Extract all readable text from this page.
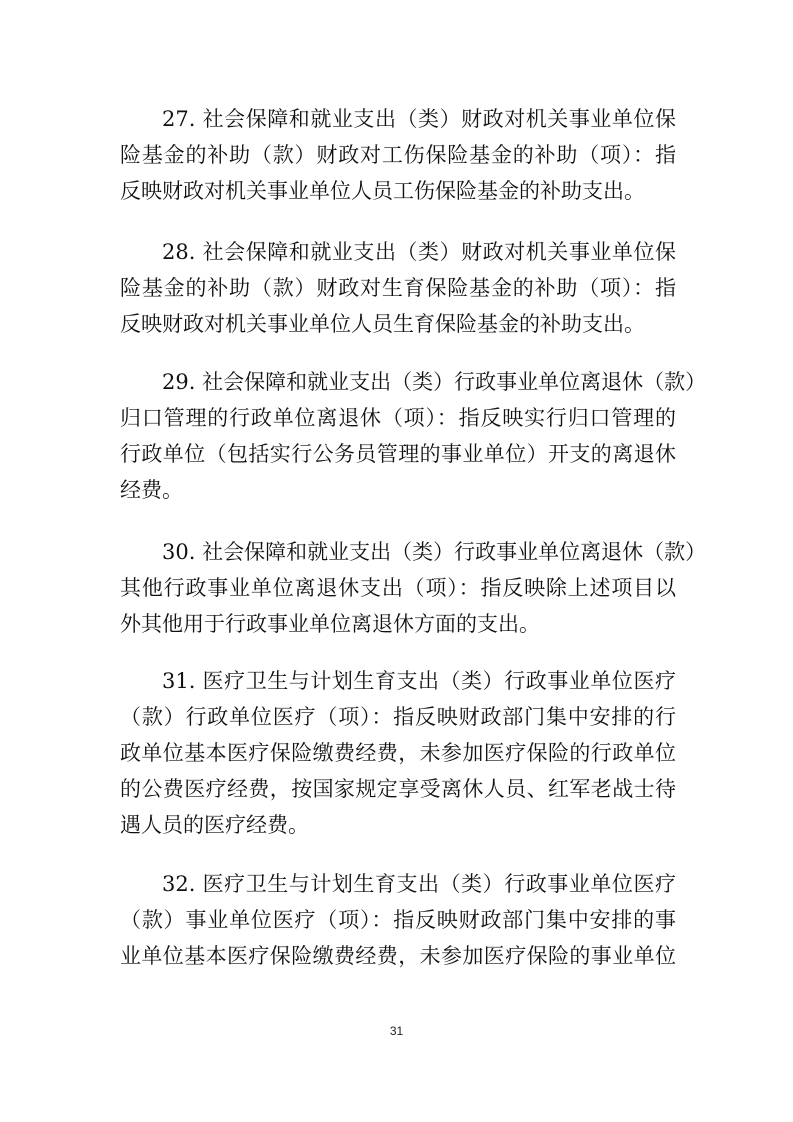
27. 社会保障和就业支出（类）财政对机关事业单位保
险基金的补助（款）财政对工伤保险基金的补助（项）：指
反映财政对机关事业单位人员工伤保险基金的补助支出。
28. 社会保障和就业支出（类）财政对机关事业单位保
险基金的补助（款）财政对生育保险基金的补助（项）：指
反映财政对机关事业单位人员生育保险基金的补助支出。
29. 社会保障和就业支出（类）行政事业单位离退休（款）
归口管理的行政单位离退休（项）：指反映实行归口管理的
行政单位（包括实行公务员管理的事业单位）开支的离退休
经费。
30. 社会保障和就业支出（类）行政事业单位离退休（款）
其他行政事业单位离退休支出（项）：指反映除上述项目以
外其他用于行政事业单位离退休方面的支出。
31. 医疗卫生与计划生育支出（类）行政事业单位医疗
（款）行政单位医疗（项）：指反映财政部门集中安排的行
政单位基本医疗保险缴费经费，未参加医疗保险的行政单位
的公费医疗经费，按国家规定享受离休人员、红军老战士待
遇人员的医疗经费。
32. 医疗卫生与计划生育支出（类）行政事业单位医疗
（款）事业单位医疗（项）：指反映财政部门集中安排的事
业单位基本医疗保险缴费经费，未参加医疗保险的事业单位
31
